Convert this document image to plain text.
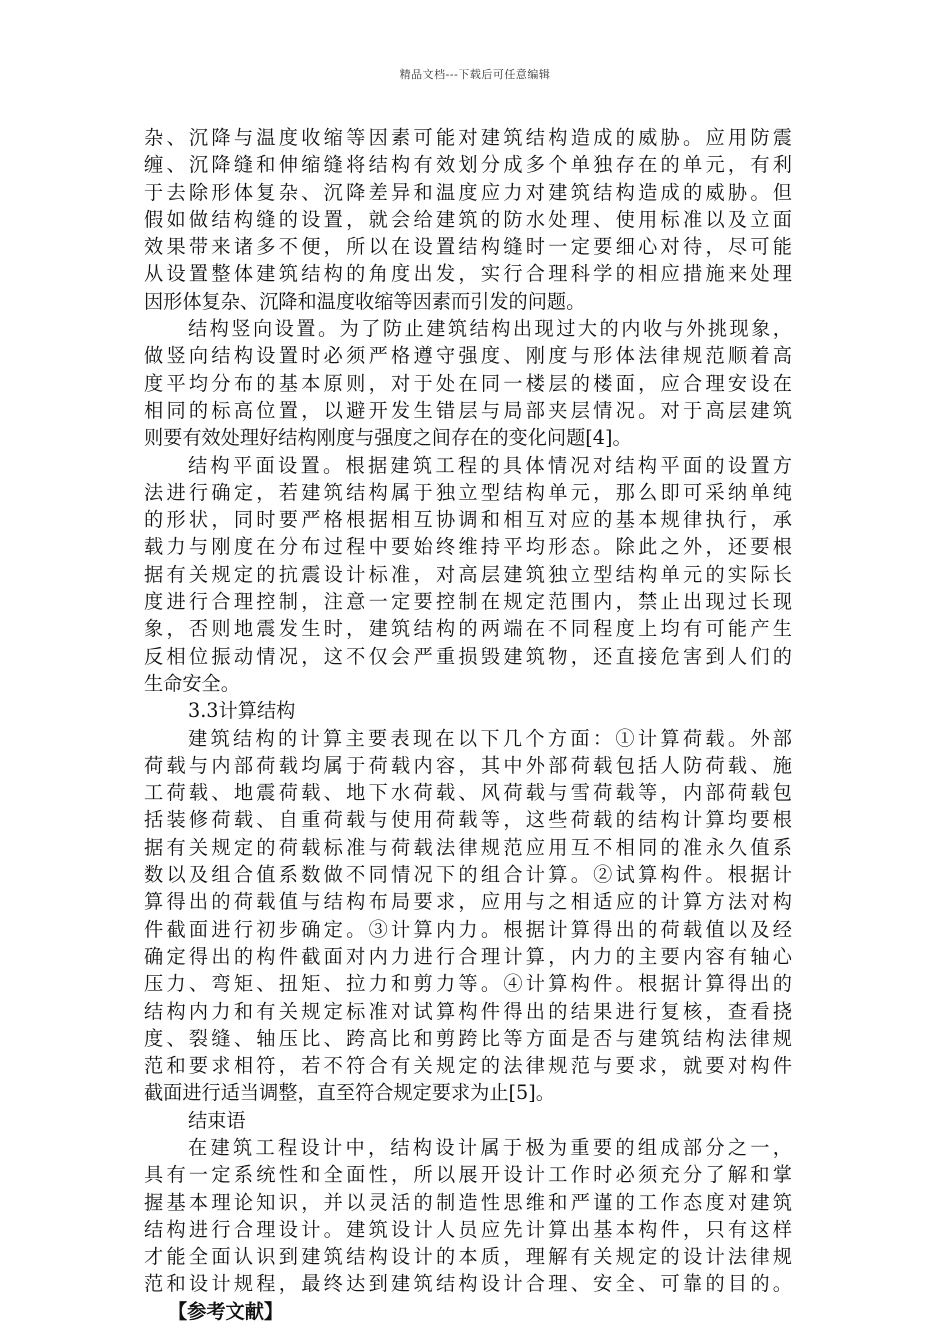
精品文档---下载后可任意编辑
杂、沉降与温度收缩等因素可能对建筑结构造成的威胁。应用防震
缠、沉降缝和伸缩缝将结构有效划分成多个单独存在的单元，有利
于去除形体复杂、沉降差异和温度应力对建筑结构造成的威胁。但
假如做结构缝的设置，就会给建筑的防水处理、使用标准以及立面
效果带来诸多不便，所以在设置结构缝时一定要细心对待，尽可能
从设置整体建筑结构的角度出发，实行合理科学的相应措施来处理
因形体复杂、沉降和温度收缩等因素而引发的问题。
结构竖向设置。为了防止建筑结构出现过大的内收与外挑现象，
做竖向结构设置时必须严格遵守强度、刚度与形体法律规范顺着高
度平均分布的基本原则，对于处在同一楼层的楼面，应合理安设在
相同的标高位置，以避开发生错层与局部夹层情况。对于高层建筑
则要有效处理好结构刚度与强度之间存在的变化问题[4]。
结构平面设置。根据建筑工程的具体情况对结构平面的设置方
法进行确定，若建筑结构属于独立型结构单元，那么即可采纳单纯
的形状，同时要严格根据相互协调和相互对应的基本规律执行，承
载力与刚度在分布过程中要始终维持平均形态。除此之外，还要根
据有关规定的抗震设计标准，对高层建筑独立型结构单元的实际长
度进行合理控制，注意一定要控制在规定范围内，禁止出现过长现
象，否则地震发生时，建筑结构的两端在不同程度上均有可能产生
反相位振动情况，这不仅会严重损毁建筑物，还直接危害到人们的
生命安全。
3.3计算结构
建筑结构的计算主要表现在以下几个方面：①计算荷载。外部
荷载与内部荷载均属于荷载内容，其中外部荷载包括人防荷载、施
工荷载、地震荷载、地下水荷载、风荷载与雪荷载等，内部荷载包
括装修荷载、自重荷载与使用荷载等，这些荷载的结构计算均要根
据有关规定的荷载标准与荷载法律规范应用互不相同的准永久值系
数以及组合值系数做不同情况下的组合计算。②试算构件。根据计
算得出的荷载值与结构布局要求，应用与之相适应的计算方法对构
件截面进行初步确定。③计算内力。根据计算得出的荷载值以及经
确定得出的构件截面对内力进行合理计算，内力的主要内容有轴心
压力、弯矩、扭矩、拉力和剪力等。④计算构件。根据计算得出的
结构内力和有关规定标准对试算构件得出的结果进行复核，查看挠
度、裂缝、轴压比、跨高比和剪跨比等方面是否与建筑结构法律规
范和要求相符，若不符合有关规定的法律规范与要求，就要对构件
截面进行适当调整，直至符合规定要求为止[5]。
结束语
在建筑工程设计中，结构设计属于极为重要的组成部分之一，
具有一定系统性和全面性，所以展开设计工作时必须充分了解和掌
握基本理论知识，并以灵活的制造性思维和严谨的工作态度对建筑
结构进行合理设计。建筑设计人员应先计算出基本构件，只有这样
才能全面认识到建筑结构设计的本质，理解有关规定的设计法律规
范和设计规程，最终达到建筑结构设计合理、安全、可靠的目的。
【参考文献】
